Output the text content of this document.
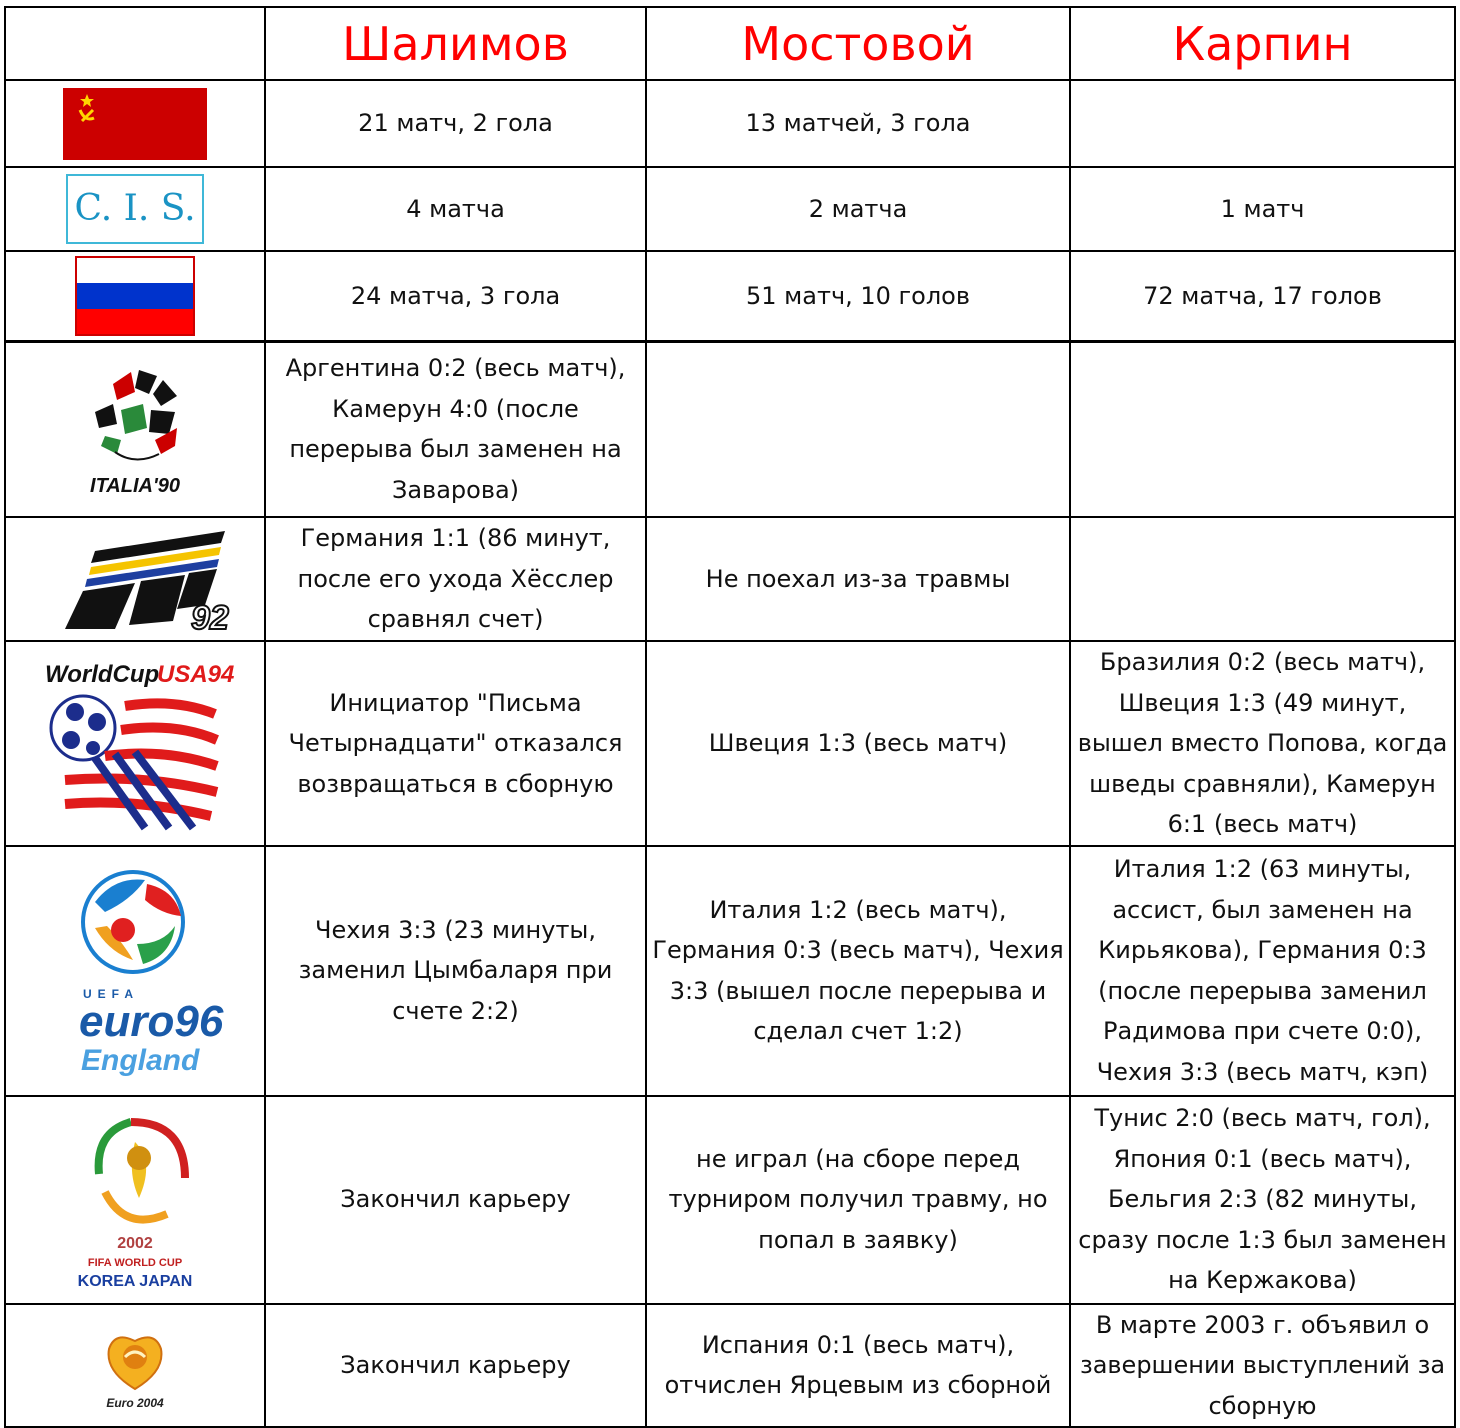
	Шалимов	Мостовой	Карпин

	21 матч, 2 гола	13 матчей, 3 гола	
C. I. S.	4 матча	2 матча	1 матч

	24 матча, 3 гола	51 матч, 10 голов	72 матча, 17 голов

ITALIA'90	Аргентина 0:2 (весь матч), Камерун 4:0 (после перерыва был заменен на Заварова)		

92	Германия 1:1 (86 минут, после его ухода Хёсслер сравнял счет)	Не поехал из-за травмы	

WorldCup
USA94	Инициатор "Письма Четырнадцати" отказался возвращаться в сборную	Швеция 1:3 (весь матч)	Бразилия 0:2 (весь матч), Швеция 1:3 (49 минут, вышел вместо Попова, когда шведы сравняли), Камерун 6:1 (весь матч)

UEFA
euro96
England	Чехия 3:3 (23 минуты, заменил Цымбаларя при счете 2:2)	Италия 1:2 (весь матч), Германия 0:3 (весь матч), Чехия 3:3 (вышел после перерыва и сделал счет 1:2)	Италия 1:2 (63 минуты, ассист, был заменен на Кирьякова), Германия 0:3 (после перерыва заменил Радимова при счете 0:0), Чехия 3:3 (весь матч, кэп)

2002
FIFA WORLD CUP
KOREA JAPAN	Закончил карьеру	не играл (на сборе перед турниром получил травму, но попал в заявку)	Тунис 2:0 (весь матч, гол), Япония 0:1 (весь матч), Бельгия 2:3 (82 минуты, сразу после 1:3 был заменен на Кержакова)

Euro 2004	Закончил карьеру	Испания 0:1 (весь матч), отчислен Ярцевым из сборной	В марте 2003 г. объявил о завершении выступлений за сборную
